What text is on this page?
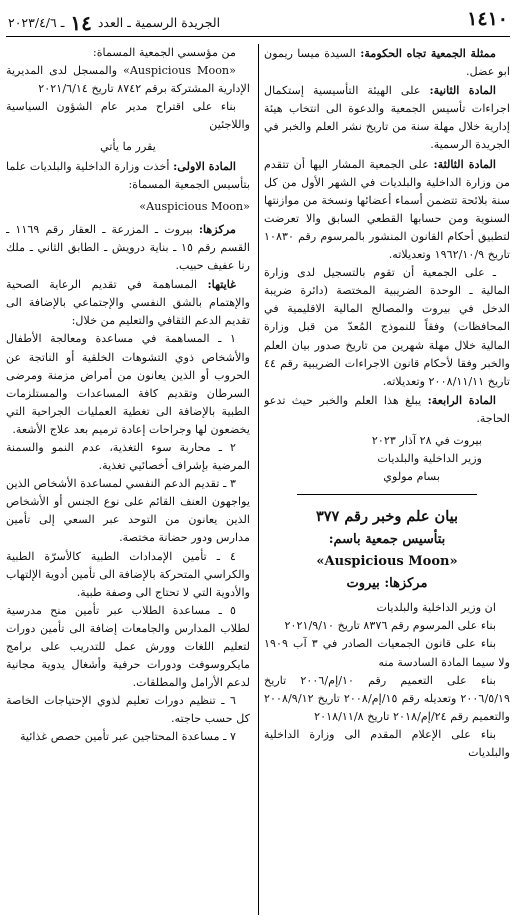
١٤١٠
الجريدة الرسمية ـ العدد ١٤ ـ ٢٠٢٣/٤/٦

ممثلة الجمعية تجاه الحكومة: السيدة ميسا ريمون ابو عضل.

المادة الثانية: على الهيئة التأسيسية إستكمال اجراءات تأسيس الجمعية والدعوة الى انتخاب هيئة إدارية خلال مهلة سنة من تاريخ نشر العلم والخبر في الجريدة الرسمية.

المادة الثالثة: على الجمعية المشار اليها أن تتقدم من وزارة الداخلية والبلديات في الشهر الأول من كل سنة بلائحة تتضمن أسماء أعضائها ونسخة من موازنتها السنوية ومن حسابها القطعي السابق والا تعرضت لتطبيق أحكام القانون المنشور بالمرسوم رقم ١٠٨٣٠ تاريخ ١٩٦٢/١٠/٩ وتعديلاته.

ـ على الجمعية أن تقوم بالتسجيل لدى وزارة المالية ـ الوحدة الضريبية المختصة (دائرة ضريبة الدخل في بيروت والمصالح المالية الاقليمية في المحافظات) وفقاً للنموذج المُعدّ من قبل وزارة المالية خلال مهلة شهرين من تاريخ صدور بيان العلم والخبر وفقا لأحكام قانون الاجراءات الضريبية رقم ٤٤ تاريخ ٢٠٠٨/١١/١١ وتعديلاته.

المادة الرابعة: يبلغ هذا العلم والخبر حيث تدعو الحاجة.

بيروت في ٢٨ آذار ٢٠٢٣

وزير الداخلية والبلديات

بسام مولوي

بيان علم وخبر رقم ٣٧٧

بتأسيس جمعية باسم:

«Auspicious Moon»

مركزها: بيروت

ان وزير الداخلية والبلديات

بناء على المرسوم رقم ٨٣٧٦ تاريخ ٢٠٢١/٩/١٠

بناء على قانون الجمعيات الصادر في ٣ آب ١٩٠٩ ولا سيما المادة السادسة منه

بناء على التعميم رقم ١٠/إم/٢٠٠٦ تاريخ ٢٠٠٦/٥/١٩ وتعديله رقم ١٥/إم/٢٠٠٨ تاريخ ٢٠٠٨/٩/١٢ والتعميم رقم ٢٤/إم/٢٠١٨ تاريخ ٢٠١٨/١١/٨

بناء على الإعلام المقدم الى وزارة الداخلية والبلديات

من مؤسسي الجمعية المسماة:

«Auspicious Moon» والمسجل لدى المديرية الإدارية المشتركة برقم ٨٧٤٢ تاريخ ٢٠٢١/٦/١٤

بناء على اقتراح مدير عام الشؤون السياسية واللاجئين

يقرر ما يأتي

المادة الاولى: أخذت وزارة الداخلية والبلديات علما بتأسيس الجمعية المسماة:

«Auspicious Moon»

مركزها: بيروت ـ المزرعة ـ العقار رقم ١١٦٩ ـ القسم رقم ١٥ ـ بناية درويش ـ الطابق الثاني ـ ملك رنا عفيف حبيب.

غايتها: المساهمة في تقديم الرعاية الصحية والإهتمام بالشق النفسي والإجتماعي بالإضافة الى تقديم الدعم الثقافي والتعليم من خلال:

١ ـ المساهمة في مساعدة ومعالجة الأطفال والأشخاص ذوي التشوهات الخلقية أو الناتجة عن الحروب أو الذين يعانون من أمراض مزمنة ومرضى السرطان وتقديم كافة المساعدات والمستلزمات الطبية بالإضافة الى تغطية العمليات الجراحية التي يخضعون لها وجراحات إعادة ترميم بعد علاج الأشعة.

٢ ـ محاربة سوء التغذية، عدم النمو والسمنة المرضية بإشراف أخصائيي تغذية.

٣ ـ تقديم الدعم النفسي لمساعدة الأشخاص الذين يواجهون العنف القائم على نوع الجنس أو الأشخاص الذين يعانون من التوحد عبر السعي إلى تأمين مدارس ودور حضانة مختصة.

٤ ـ تأمين الإمدادات الطبية كالأسرّة الطبية والكراسي المتحركة بالإضافة الى تأمين أدوية الإلتهاب والأدوية التي لا تحتاج الى وصفة طبية.

٥ ـ مساعدة الطلاب عبر تأمين منح مدرسية لطلاب المدارس والجامعات إضافة الى تأمين دورات لتعليم اللغات وورش عمل للتدريب على برامج مايكروسوفت ودورات حرفية وأشغال يدوية مجانية لدعم الأرامل والمطلقات.

٦ ـ تنظيم دورات تعليم لذوي الإحتياجات الخاصة كل حسب حاجته.

٧ ـ مساعدة المحتاجين عبر تأمين حصص غذائية
